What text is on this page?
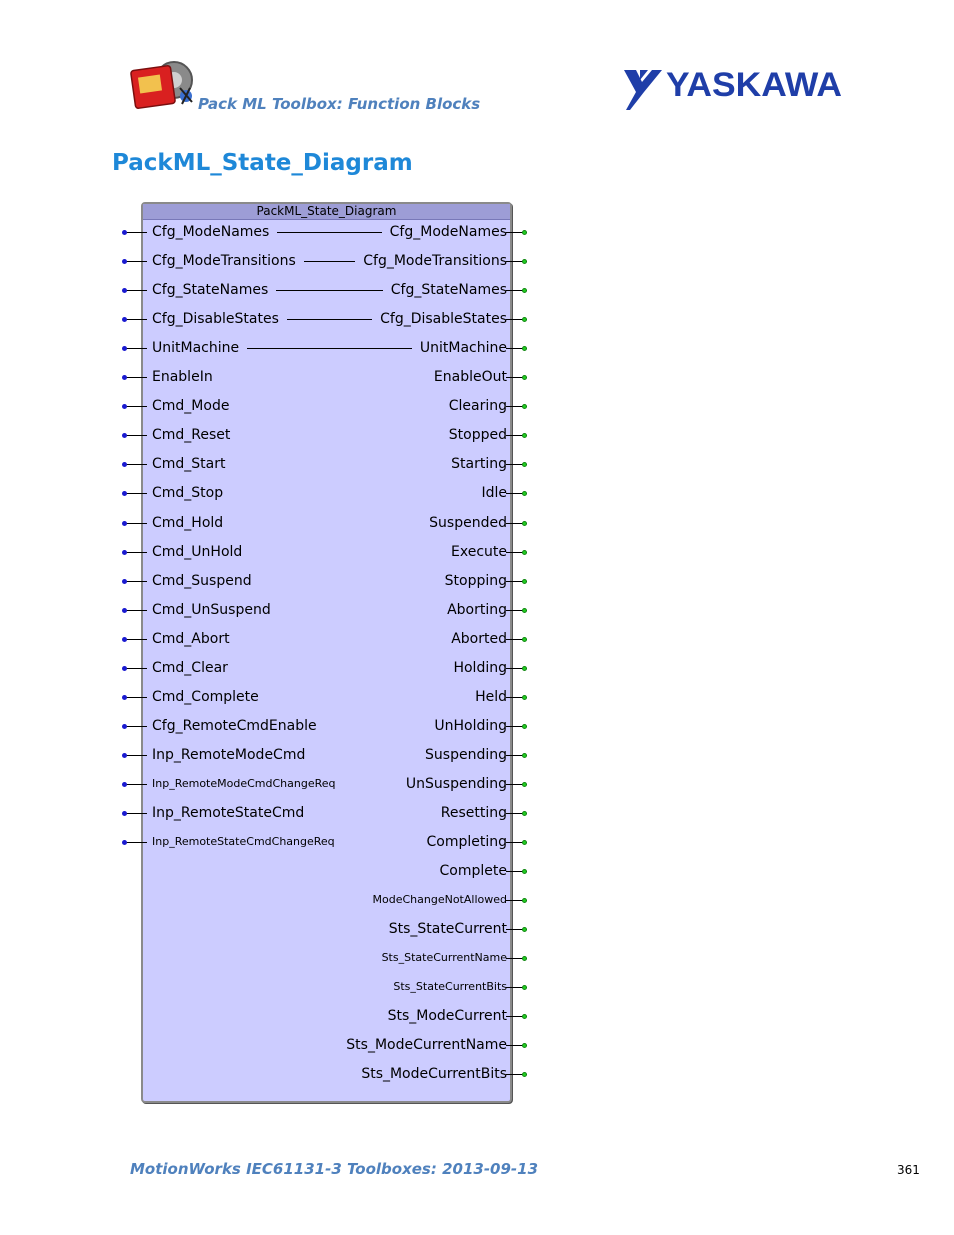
Pack ML Toolbox: Function Blocks	YASKAWA
PackML_State_Diagram
PackML_State_Diagram
Cfg_ModeNames
Cfg_ModeTransitions
Cfg_StateNames
Cfg_DisableStates
UnitMachine
EnableIn
Cmd_Mode
Cmd_Reset
Cmd_Start
Cmd_Stop
Cmd_Hold
Cmd_UnHold
Cmd_Suspend
Cmd_UnSuspend
Cmd_Abort
Cmd_Clear
Cmd_Complete
Cfg_RemoteCmdEnable
Inp_RemoteModeCmd
Inp_RemoteModeCmdChangeReq
Inp_RemoteStateCmd
Inp_RemoteStateCmdChangeReq
Cfg_ModeNames
Cfg_ModeTransitions
Cfg_StateNames
Cfg_DisableStates
UnitMachine
EnableOut
Clearing
Stopped
Starting
Idle
Suspended
Execute
Stopping
Aborting
Aborted
Holding
Held
UnHolding
Suspending
UnSuspending
Resetting
Completing
Complete
ModeChangeNotAllowed
Sts_StateCurrent
Sts_StateCurrentName
Sts_StateCurrentBits
Sts_ModeCurrent
Sts_ModeCurrentName
Sts_ModeCurrentBits
MotionWorks IEC61131-3 Toolboxes: 2013-09-13	361
